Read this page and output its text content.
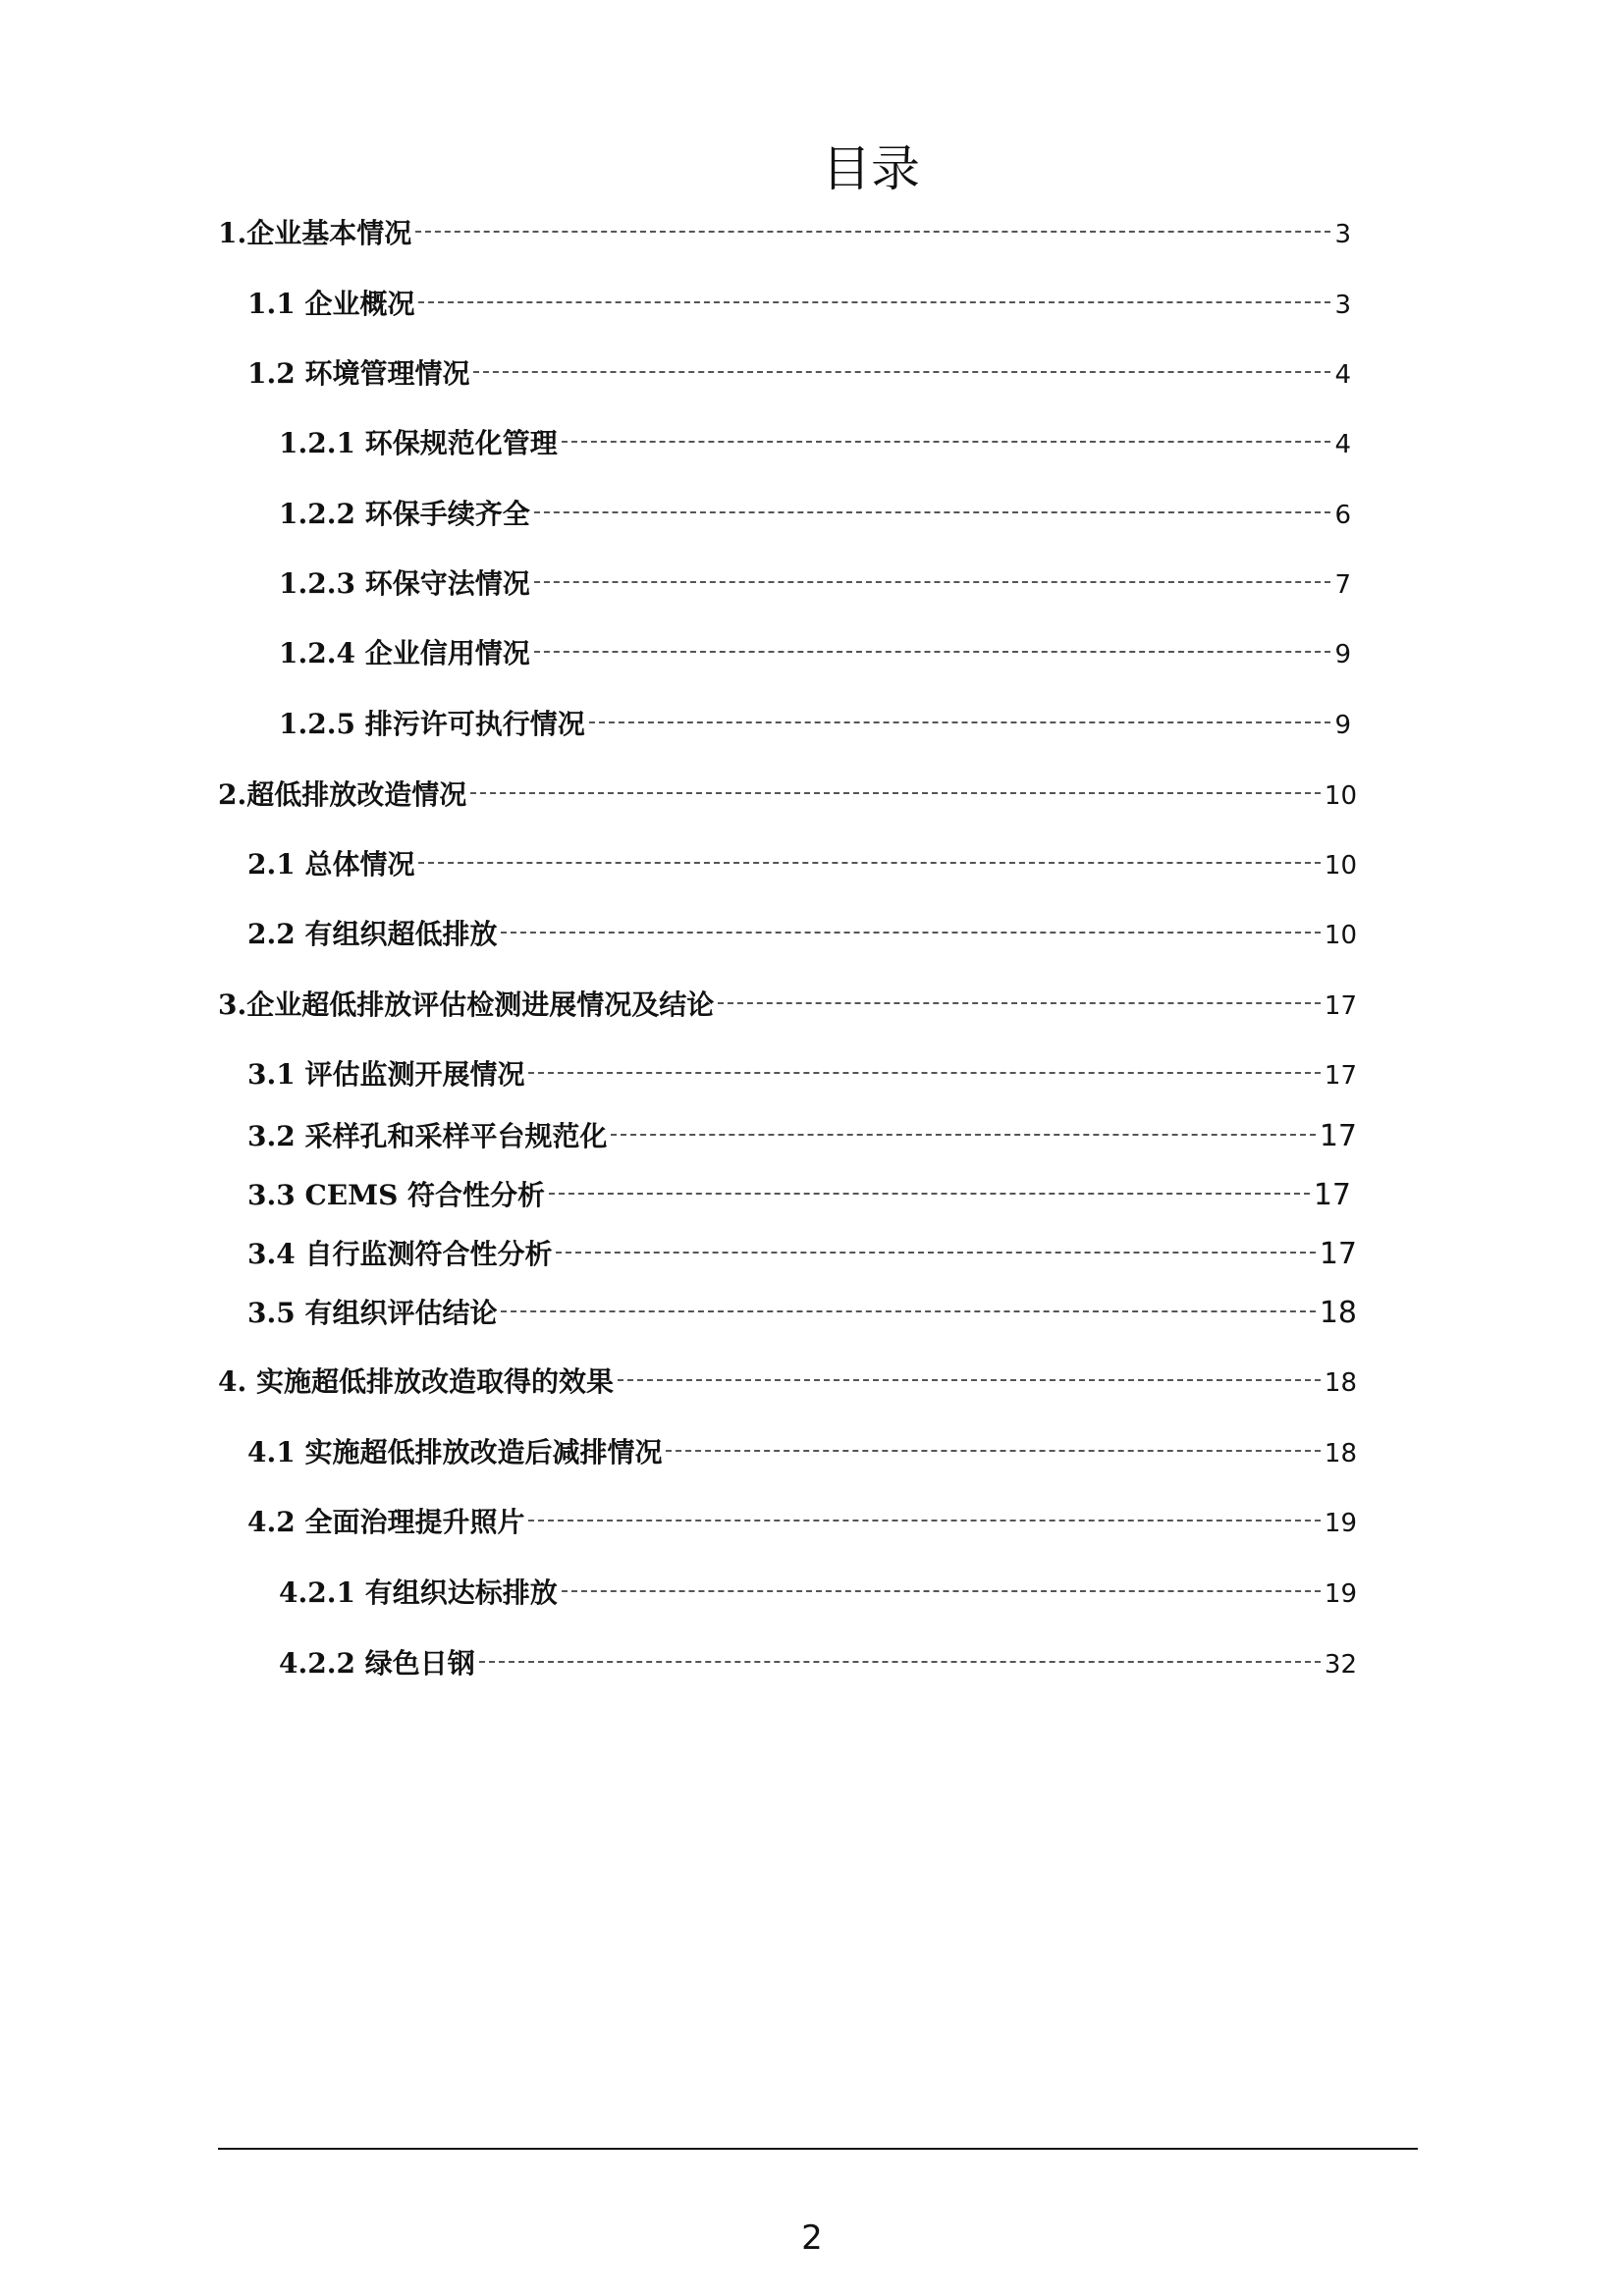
目录
1.企业基本情况	3
1.1 企业概况	3
1.2 环境管理情况	4
1.2.1 环保规范化管理	4
1.2.2 环保手续齐全	6
1.2.3 环保守法情况	7
1.2.4 企业信用情况	9
1.2.5 排污许可执行情况	9
2.超低排放改造情况	10
2.1 总体情况	10
2.2 有组织超低排放	10
3.企业超低排放评估检测进展情况及结论	17
3.1 评估监测开展情况	17
3.2 采样孔和采样平台规范化	17
3.3 CEMS 符合性分析	17
3.4 自行监测符合性分析	17
3.5 有组织评估结论	18
4. 实施超低排放改造取得的效果	18
4.1 实施超低排放改造后减排情况	18
4.2 全面治理提升照片	19
4.2.1 有组织达标排放	19
4.2.2 绿色日钢	32
2
